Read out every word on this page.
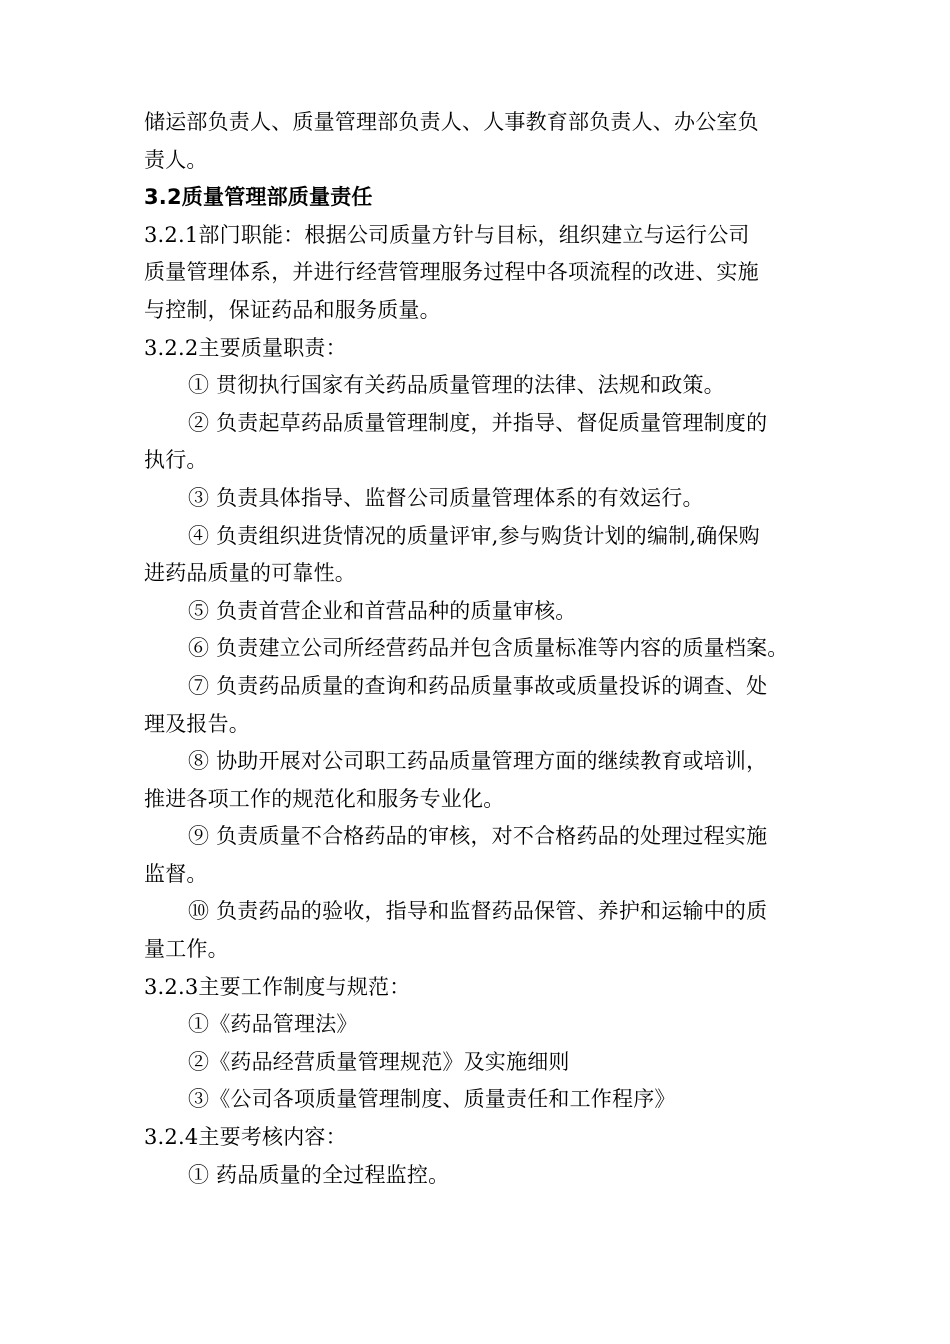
储运部负责人、质量管理部负责人、人事教育部负责人、办公室负
责人。
3.2质量管理部质量责任
3.2.1部门职能：根据公司质量方针与目标，组织建立与运行公司
质量管理体系，并进行经营管理服务过程中各项流程的改进、实施
与控制，保证药品和服务质量。
3.2.2主要质量职责：
① 贯彻执行国家有关药品质量管理的法律、法规和政策。
② 负责起草药品质量管理制度，并指导、督促质量管理制度的
执行。
③ 负责具体指导、监督公司质量管理体系的有效运行。
④ 负责组织进货情况的质量评审,参与购货计划的编制,确保购
进药品质量的可靠性。
⑤ 负责首营企业和首营品种的质量审核。
⑥ 负责建立公司所经营药品并包含质量标准等内容的质量档案。
⑦ 负责药品质量的查询和药品质量事故或质量投诉的调查、处
理及报告。
⑧ 协助开展对公司职工药品质量管理方面的继续教育或培训，
推进各项工作的规范化和服务专业化。
⑨ 负责质量不合格药品的审核，对不合格药品的处理过程实施
监督。
⑩ 负责药品的验收，指导和监督药品保管、养护和运输中的质
量工作。
3.2.3主要工作制度与规范：
①《药品管理法》
②《药品经营质量管理规范》及实施细则
③《公司各项质量管理制度、质量责任和工作程序》
3.2.4主要考核内容：
① 药品质量的全过程监控。
